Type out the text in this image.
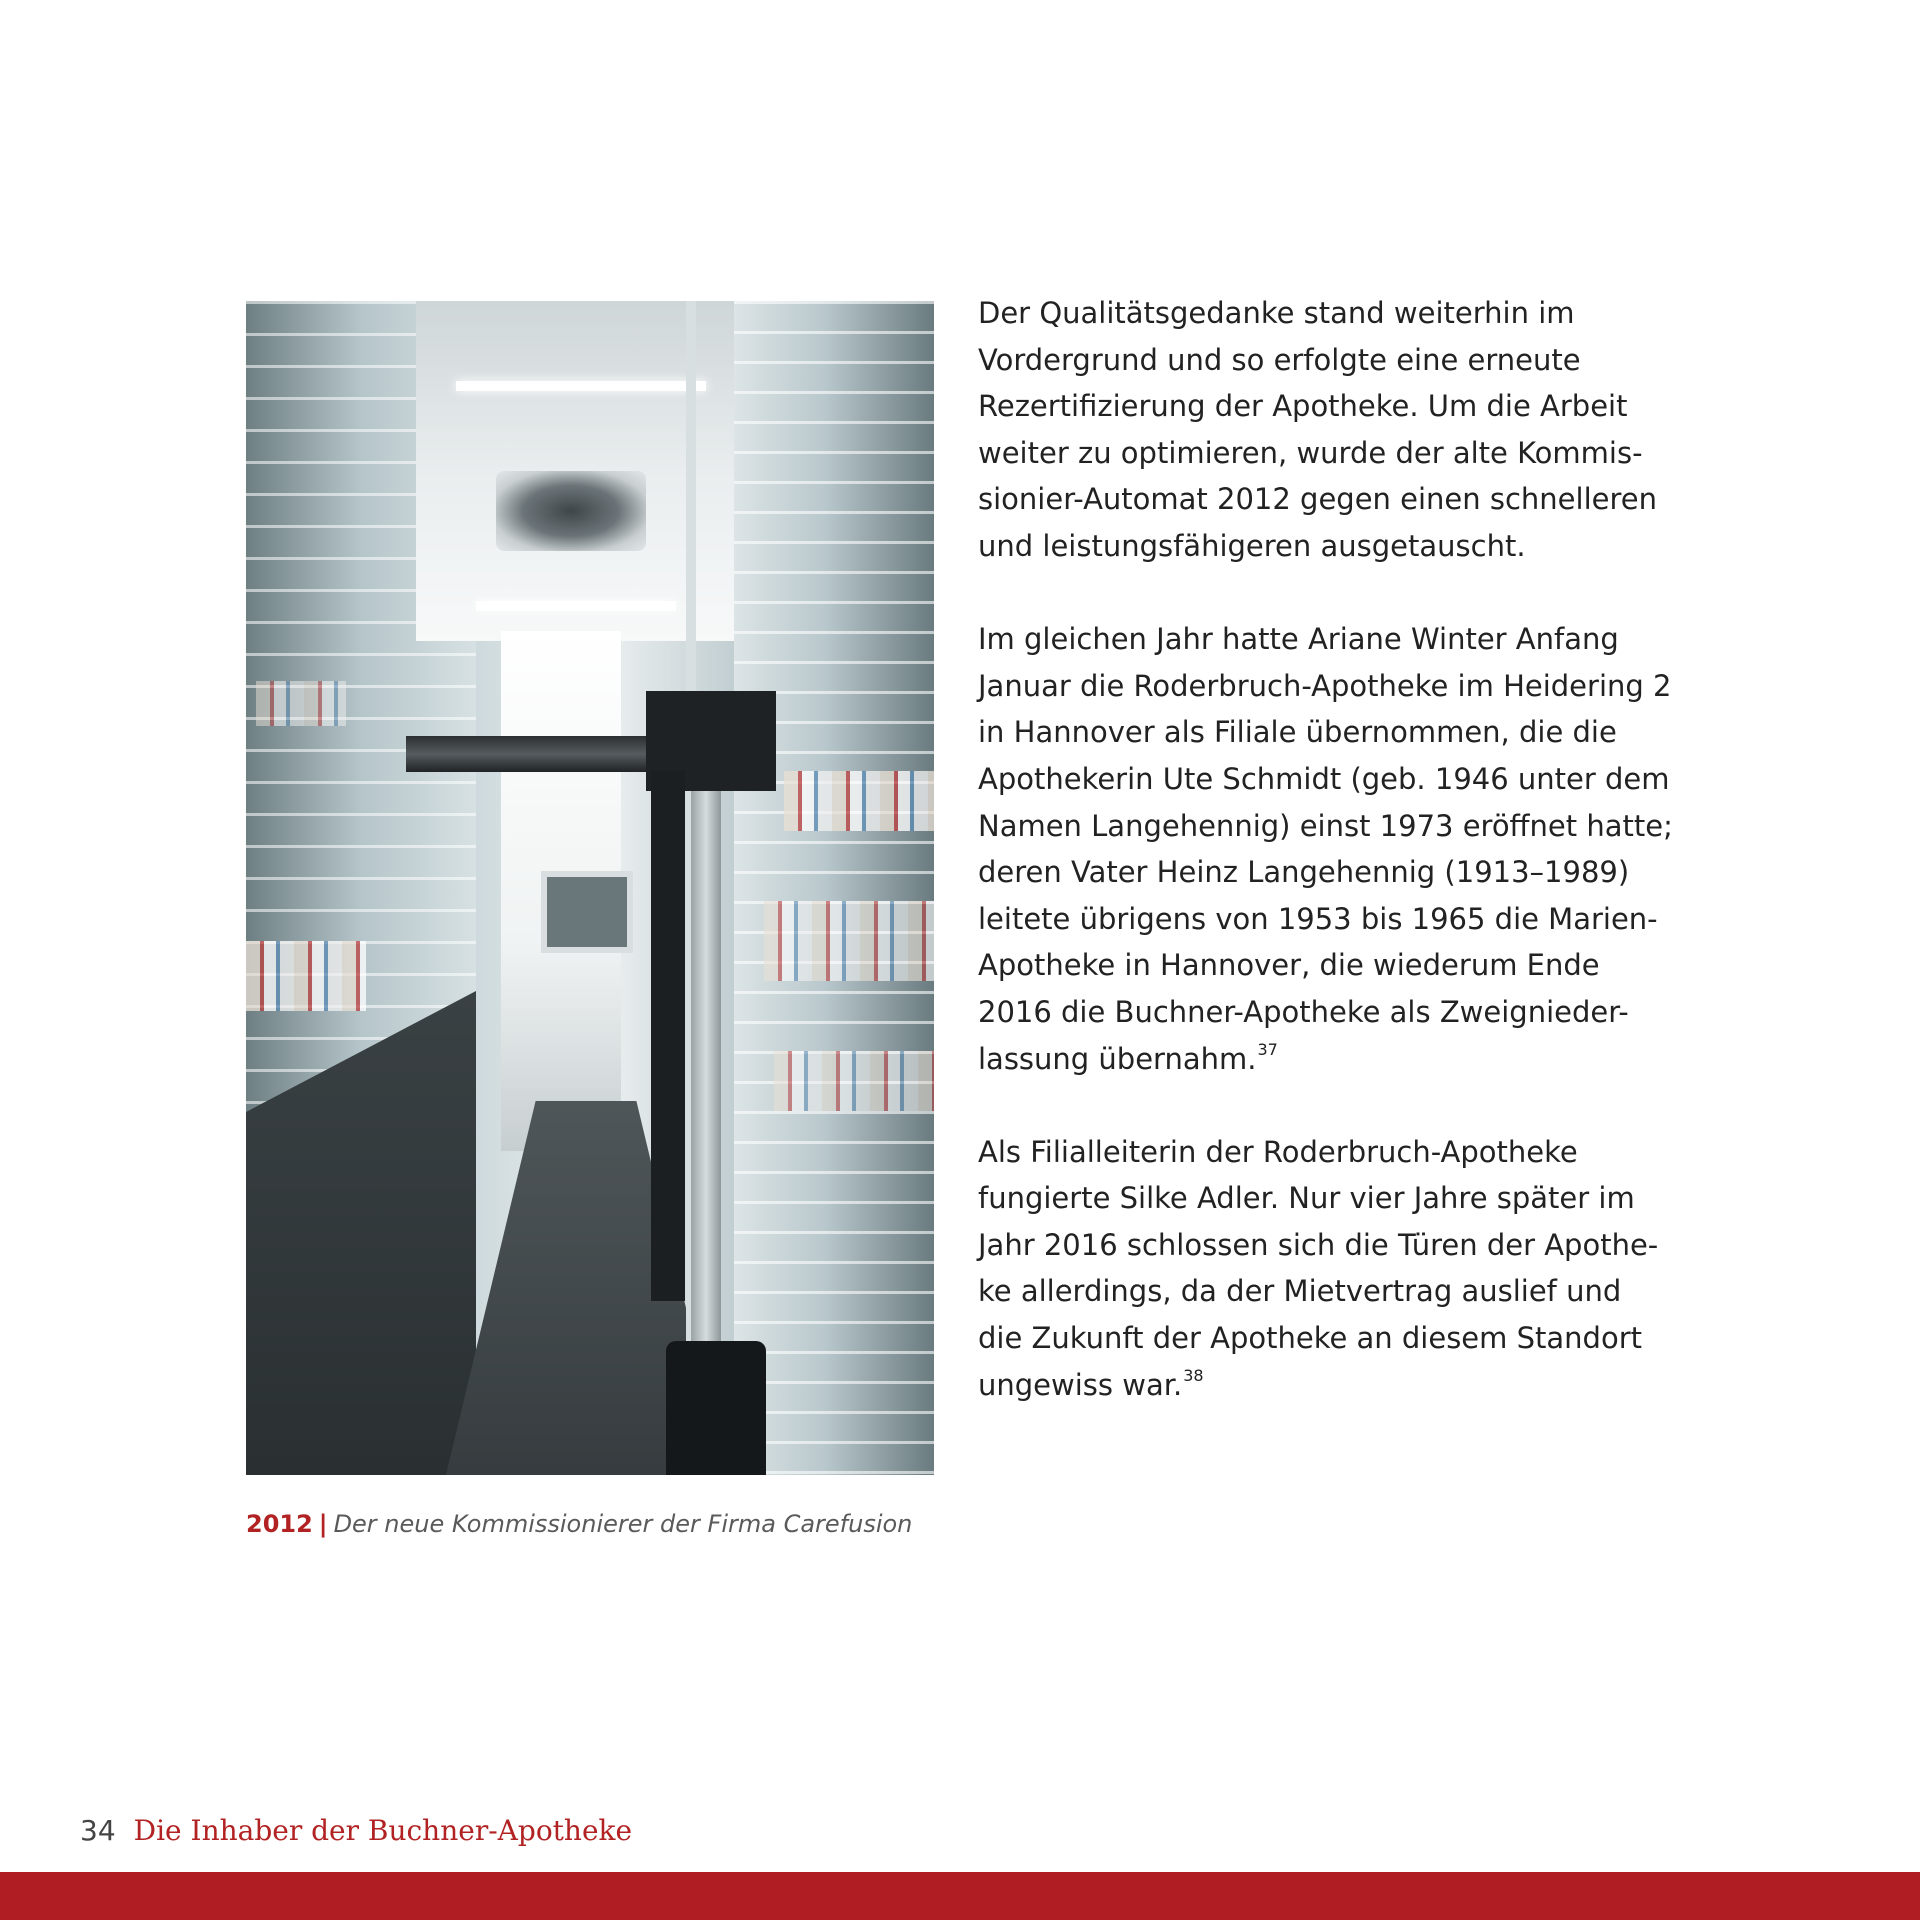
2012 | Der neue Kommissionierer der Firma Carefusion

Der Qualitätsgedanke stand weiterhin im
Vordergrund und so erfolgte eine erneute
Rezertifizierung der Apotheke. Um die Arbeit
weiter zu optimieren, wurde der alte Kommis-
sionier-Automat 2012 gegen einen schnelleren
und leistungsfähigeren ausgetauscht.

Im gleichen Jahr hatte Ariane Winter Anfang
Januar die Roderbruch-Apotheke im Heidering 2
in Hannover als Filiale übernommen, die die
Apothekerin Ute Schmidt (geb. 1946 unter dem
Namen Langehennig) einst 1973 eröffnet hatte;
deren Vater Heinz Langehennig (1913–1989)
leitete übrigens von 1953 bis 1965 die Marien-
Apotheke in Hannover, die wiederum Ende
2016 die Buchner-Apotheke als Zweignieder-
lassung übernahm.$^{37}$

Als Filialleiterin der Roderbruch-Apotheke
fungierte Silke Adler. Nur vier Jahre später im
Jahr 2016 schlossen sich die Türen der Apothe-
ke allerdings, da der Mietvertrag auslief und
die Zukunft der Apotheke an diesem Standort
ungewiss war.$^{38}$

34 Die Inhaber der Buchner-Apotheke
